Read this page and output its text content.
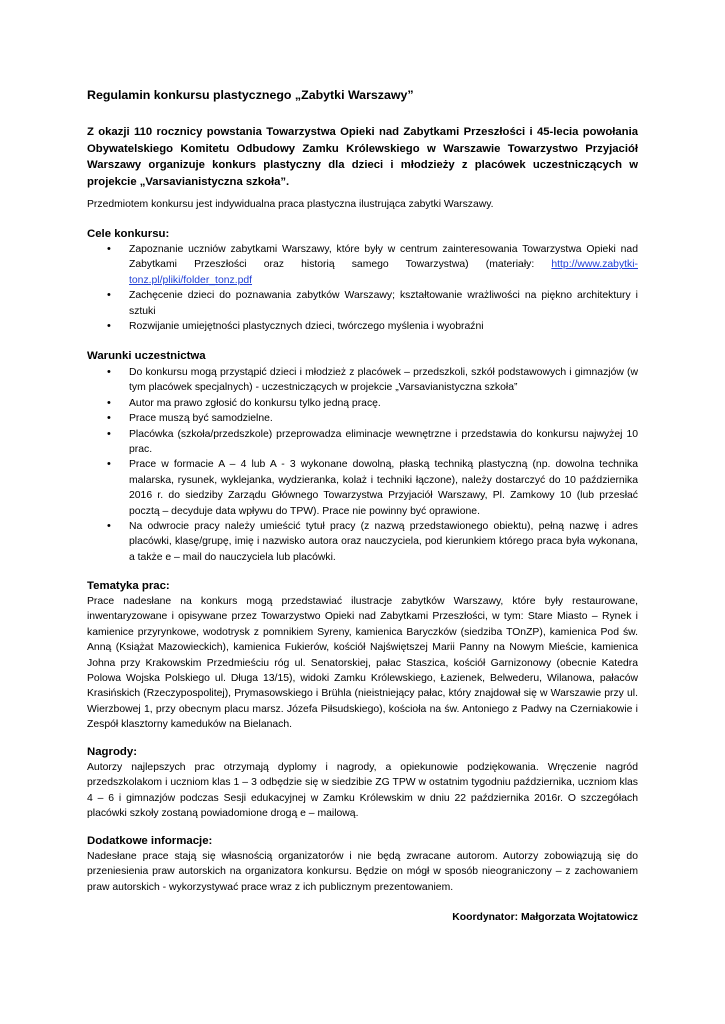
Regulamin konkursu plastycznego „Zabytki Warszawy”
Z okazji 110 rocznicy powstania Towarzystwa Opieki nad Zabytkami Przeszłości i 45-lecia powołania Obywatelskiego Komitetu Odbudowy Zamku Królewskiego w Warszawie Towarzystwo Przyjaciół Warszawy organizuje konkurs plastyczny dla dzieci i młodzieży z placówek uczestniczących w projekcie „Varsavianistyczna szkoła”.
Przedmiotem konkursu jest indywidualna praca plastyczna ilustrująca zabytki Warszawy.
Cele konkursu:
• Zapoznanie uczniów zabytkami Warszawy, które były w centrum zainteresowania Towarzystwa Opieki nad Zabytkami Przeszłości oraz historią samego Towarzystwa) (materiały: http://www.zabytki-tonz.pl/pliki/folder_tonz.pdf
• Zachęcenie dzieci do poznawania zabytków Warszawy; kształtowanie wrażliwości na piękno architektury i sztuki
• Rozwijanie umiejętności plastycznych dzieci, twórczego myślenia i wyobraźni
Warunki uczestnictwa
• Do konkursu mogą przystąpić dzieci i młodzież z placówek – przedszkoli, szkół podstawowych i gimnazjów (w tym placówek specjalnych) - uczestniczących w projekcie „Varsavianistyczna szkoła”
• Autor ma prawo zgłosić do konkursu tylko jedną pracę.
• Prace muszą być samodzielne.
• Placówka (szkoła/przedszkole) przeprowadza eliminacje wewnętrzne i przedstawia do konkursu najwyżej 10 prac.
• Prace w formacie A – 4 lub A - 3 wykonane dowolną, płaską techniką plastyczną (np. dowolna technika malarska, rysunek, wyklejanka, wydzieranka, kolaż i techniki łączone), należy dostarczyć do 10 października 2016 r. do siedziby Zarządu Głównego Towarzystwa Przyjaciół Warszawy, Pl. Zamkowy 10 (lub przesłać pocztą – decyduje data wpływu do TPW). Prace nie powinny być oprawione.
• Na odwrocie pracy należy umieścić tytuł pracy (z nazwą przedstawionego obiektu), pełną nazwę i adres placówki, klasę/grupę, imię i nazwisko autora oraz nauczyciela, pod kierunkiem którego praca była wykonana, a także e – mail do nauczyciela lub placówki.
Tematyka prac:
Prace nadesłane na konkurs mogą przedstawiać ilustracje zabytków Warszawy, które były restaurowane, inwentaryzowane i opisywane przez Towarzystwo Opieki nad Zabytkami Przeszłości, w tym: Stare Miasto – Rynek i kamienice przyrynkowe, wodotrysk z pomnikiem Syreny, kamienica Baryczków (siedziba TOnZP), kamienica Pod św. Anną (Książat Mazowieckich), kamienica Fukierów, kościół Najświętszej Marii Panny na Nowym Mieście, kamienica Johna przy Krakowskim Przedmieściu róg ul. Senatorskiej, pałac Staszica, kościół Garnizonowy (obecnie Katedra Polowa Wojska Polskiego ul. Długa 13/15), widoki Zamku Królewskiego, Łazienek, Belwederu, Wilanowa, pałaców Krasińskich (Rzeczypospolitej), Prymasowskiego i Brühla (nieistniejący pałac, który znajdował się w Warszawie przy ul. Wierzbowej 1, przy obecnym placu marsz. Józefa Piłsudskiego), kościoła na św. Antoniego z Padwy na Czerniakowie i Zespół klasztorny kameduków na Bielanach.
Nagrody:
Autorzy najlepszych prac otrzymają dyplomy i nagrody, a opiekunowie podziękowania. Wręczenie nagród przedszkolakom i uczniom klas 1 – 3 odbędzie się w siedzibie ZG TPW w ostatnim tygodniu października, uczniom klas 4 – 6 i gimnazjów podczas Sesji edukacyjnej w Zamku Królewskim w dniu 22 października 2016r. O szczegółach placówki szkoły zostaną powiadomione drogą e – mailową.
Dodatkowe informacje:
Nadesłane prace stają się własnością organizatorów i nie będą zwracane autorom. Autorzy zobowiązują się do przeniesienia praw autorskich na organizatora konkursu. Będzie on mógł w sposób nieograniczony – z zachowaniem praw autorskich - wykorzystywać prace wraz z ich publicznym prezentowaniem.
Koordynator: Małgorzata Wojtatowicz
